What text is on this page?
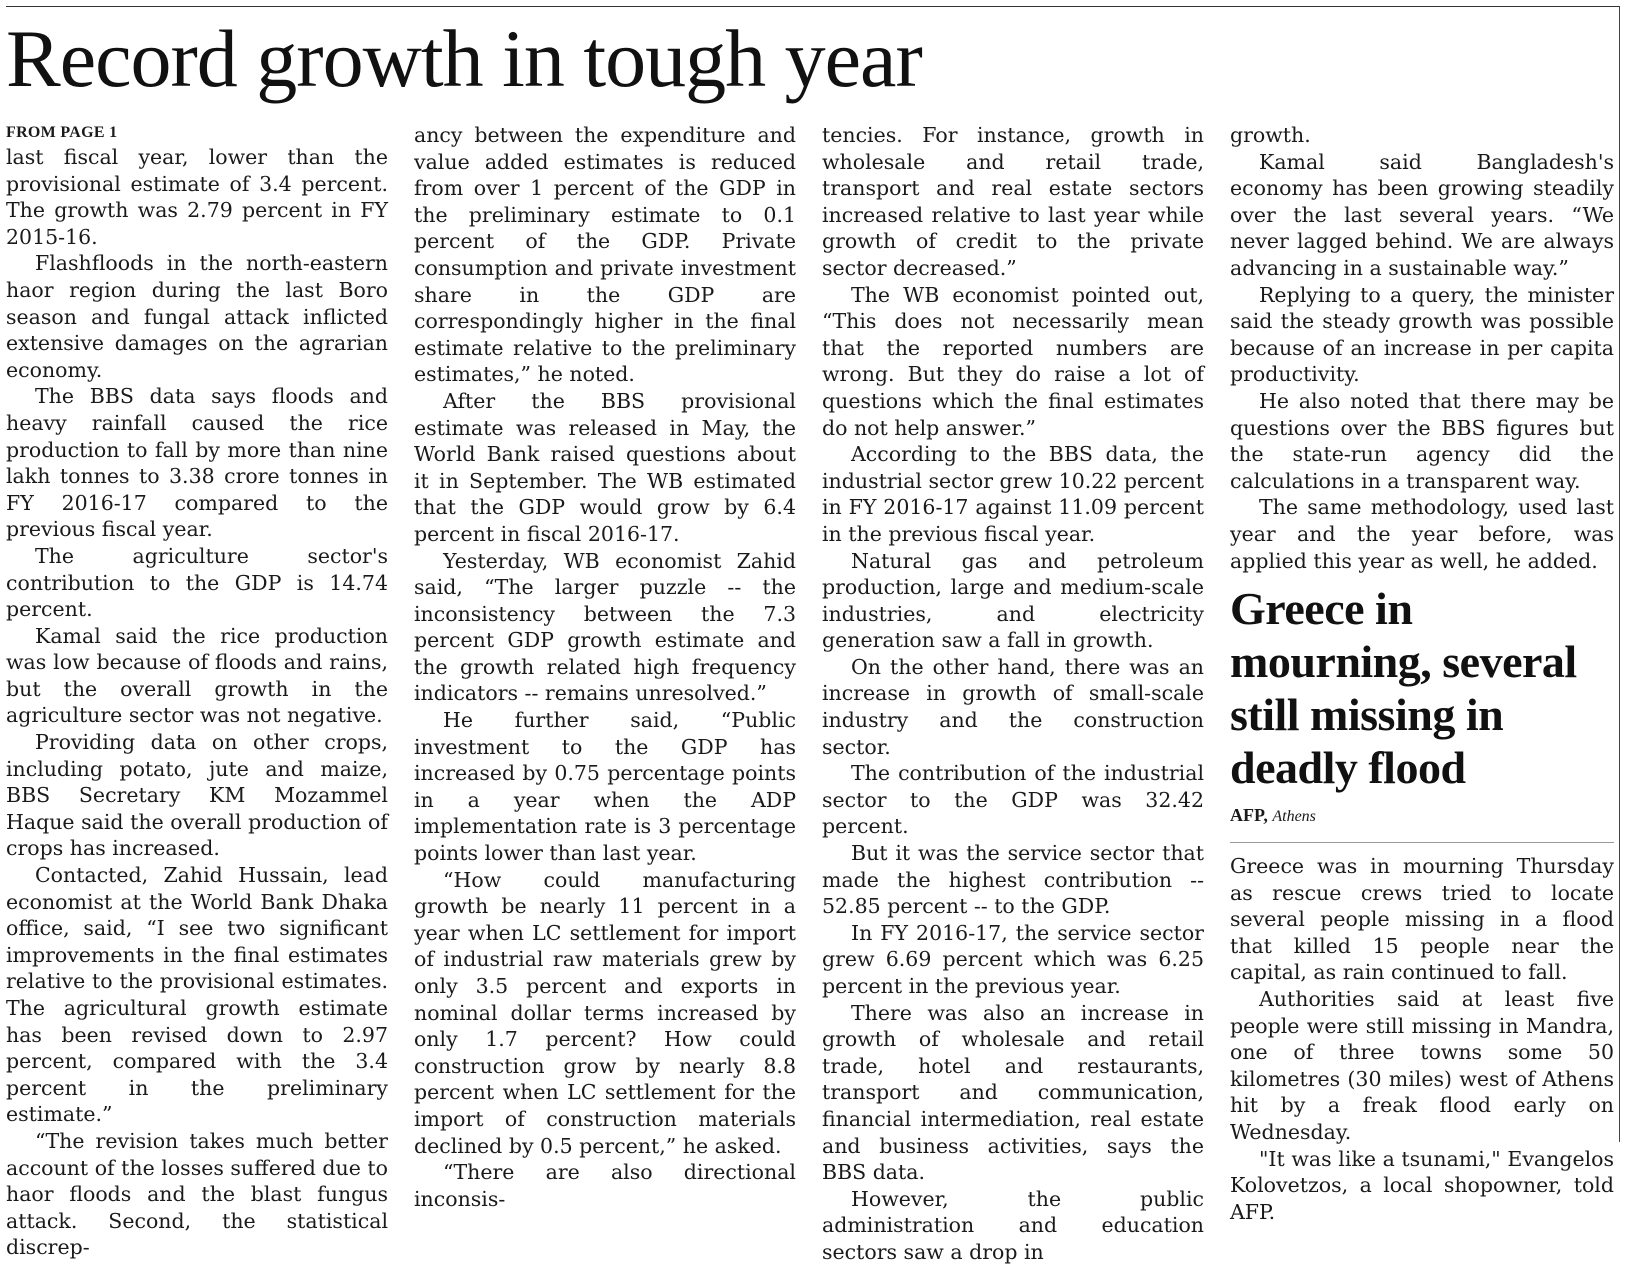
Record growth in tough year
FROM PAGE 1

last fiscal year, lower than the provisional estimate of 3.4 percent. The growth was 2.79 percent in FY 2015-16.

Flashfloods in the north-eastern haor region during the last Boro season and fungal attack inflicted extensive damages on the agrarian economy.

The BBS data says floods and heavy rainfall caused the rice production to fall by more than nine lakh tonnes to 3.38 crore tonnes in FY 2016-17 compared to the previous fiscal year.

The agriculture sector's contribution to the GDP is 14.74 percent.

Kamal said the rice production was low because of floods and rains, but the overall growth in the agriculture sector was not negative.

Providing data on other crops, including potato, jute and maize, BBS Secretary KM Mozammel Haque said the overall production of crops has increased.

Contacted, Zahid Hussain, lead economist at the World Bank Dhaka office, said, “I see two significant improvements in the final estimates relative to the provisional estimates. The agricultural growth estimate has been revised down to 2.97 percent, compared with the 3.4 percent in the preliminary estimate.”

“The revision takes much better account of the losses suffered due to haor floods and the blast fungus attack. Second, the statistical discrep-

ancy between the expenditure and value added estimates is reduced from over 1 percent of the GDP in the preliminary estimate to 0.1 percent of the GDP. Private consumption and private investment share in the GDP are correspondingly higher in the final estimate relative to the preliminary estimates,” he noted.

After the BBS provisional estimate was released in May, the World Bank raised questions about it in September. The WB estimated that the GDP would grow by 6.4 percent in fiscal 2016-17.

Yesterday, WB economist Zahid said, “The larger puzzle -- the inconsistency between the 7.3 percent GDP growth estimate and the growth related high frequency indicators -- remains unresolved.”

He further said, “Public investment to the GDP has increased by 0.75 percentage points in a year when the ADP implementation rate is 3 percentage points lower than last year.

“How could manufacturing growth be nearly 11 percent in a year when LC settlement for import of industrial raw materials grew by only 3.5 percent and exports in nominal dollar terms increased by only 1.7 percent? How could construction grow by nearly 8.8 percent when LC settlement for the import of construction materials declined by 0.5 percent,” he asked.

“There are also directional inconsis-

tencies. For instance, growth in wholesale and retail trade, transport and real estate sectors increased relative to last year while growth of credit to the private sector decreased.”

The WB economist pointed out, “This does not necessarily mean that the reported numbers are wrong. But they do raise a lot of questions which the final estimates do not help answer.”

According to the BBS data, the industrial sector grew 10.22 percent in FY 2016-17 against 11.09 percent in the previous fiscal year.

Natural gas and petroleum production, large and medium-scale industries, and electricity generation saw a fall in growth.

On the other hand, there was an increase in growth of small-scale industry and the construction sector.

The contribution of the industrial sector to the GDP was 32.42 percent.

But it was the service sector that made the highest contribution -- 52.85 percent -- to the GDP.

In FY 2016-17, the service sector grew 6.69 percent which was 6.25 percent in the previous year.

There was also an increase in growth of wholesale and retail trade, hotel and restaurants, transport and communication, financial intermediation, real estate and business activities, says the BBS data.

However, the public administration and education sectors saw a drop in

growth.

Kamal said Bangladesh's economy has been growing steadily over the last several years. “We never lagged behind. We are always advancing in a sustainable way.”

Replying to a query, the minister said the steady growth was possible because of an increase in per capita productivity.

He also noted that there may be questions over the BBS figures but the state-run agency did the calculations in a transparent way.

The same methodology, used last year and the year before, was applied this year as well, he added.

Greece in mourning, several still missing in deadly flood
AFP, Athens

Greece was in mourning Thursday as rescue crews tried to locate several people missing in a flood that killed 15 people near the capital, as rain continued to fall.

Authorities said at least five people were still missing in Mandra, one of three towns some 50 kilometres (30 miles) west of Athens hit by a freak flood early on Wednesday.

"It was like a tsunami," Evangelos Kolovetzos, a local shopowner, told AFP.
